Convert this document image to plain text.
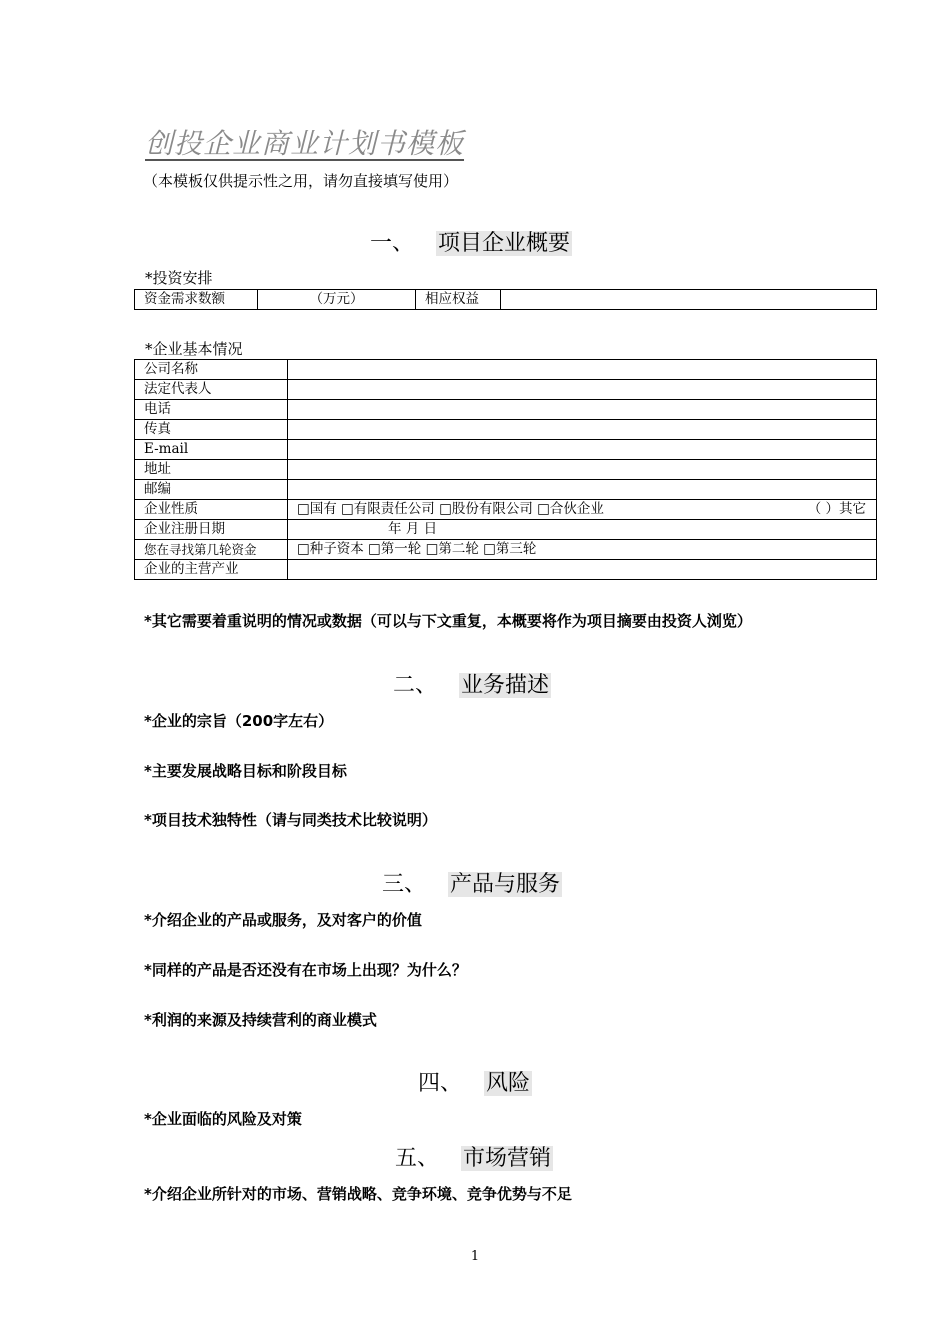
创投企业商业计划书模板
（本模板仅供提示性之用，请勿直接填写使用）
一、 项目企业概要
*投资安排
资金需求数额	（万元）	相应权益	
*企业基本情况
公司名称	
法定代表人	
电话	
传真	
E-mail	
地址	
邮编	
企业性质	□国有 □有限责任公司 □股份有限公司 □合伙企业 （ ）其它

企业注册日期	年 月 日
您在寻找第几轮资金	□种子资本 □第一轮 □第二轮 □第三轮
企业的主营产业	
*其它需要着重说明的情况或数据（可以与下文重复，本概要将作为项目摘要由投资人浏览）
二、 业务描述
*企业的宗旨（200字左右）
*主要发展战略目标和阶段目标
*项目技术独特性（请与同类技术比较说明）
三、 产品与服务
*介绍企业的产品或服务，及对客户的价值
*同样的产品是否还没有在市场上出现？为什么？
*利润的来源及持续营利的商业模式
四、 风险
*企业面临的风险及对策
五、 市场营销
*介绍企业所针对的市场、营销战略、竞争环境、竞争优势与不足
1
